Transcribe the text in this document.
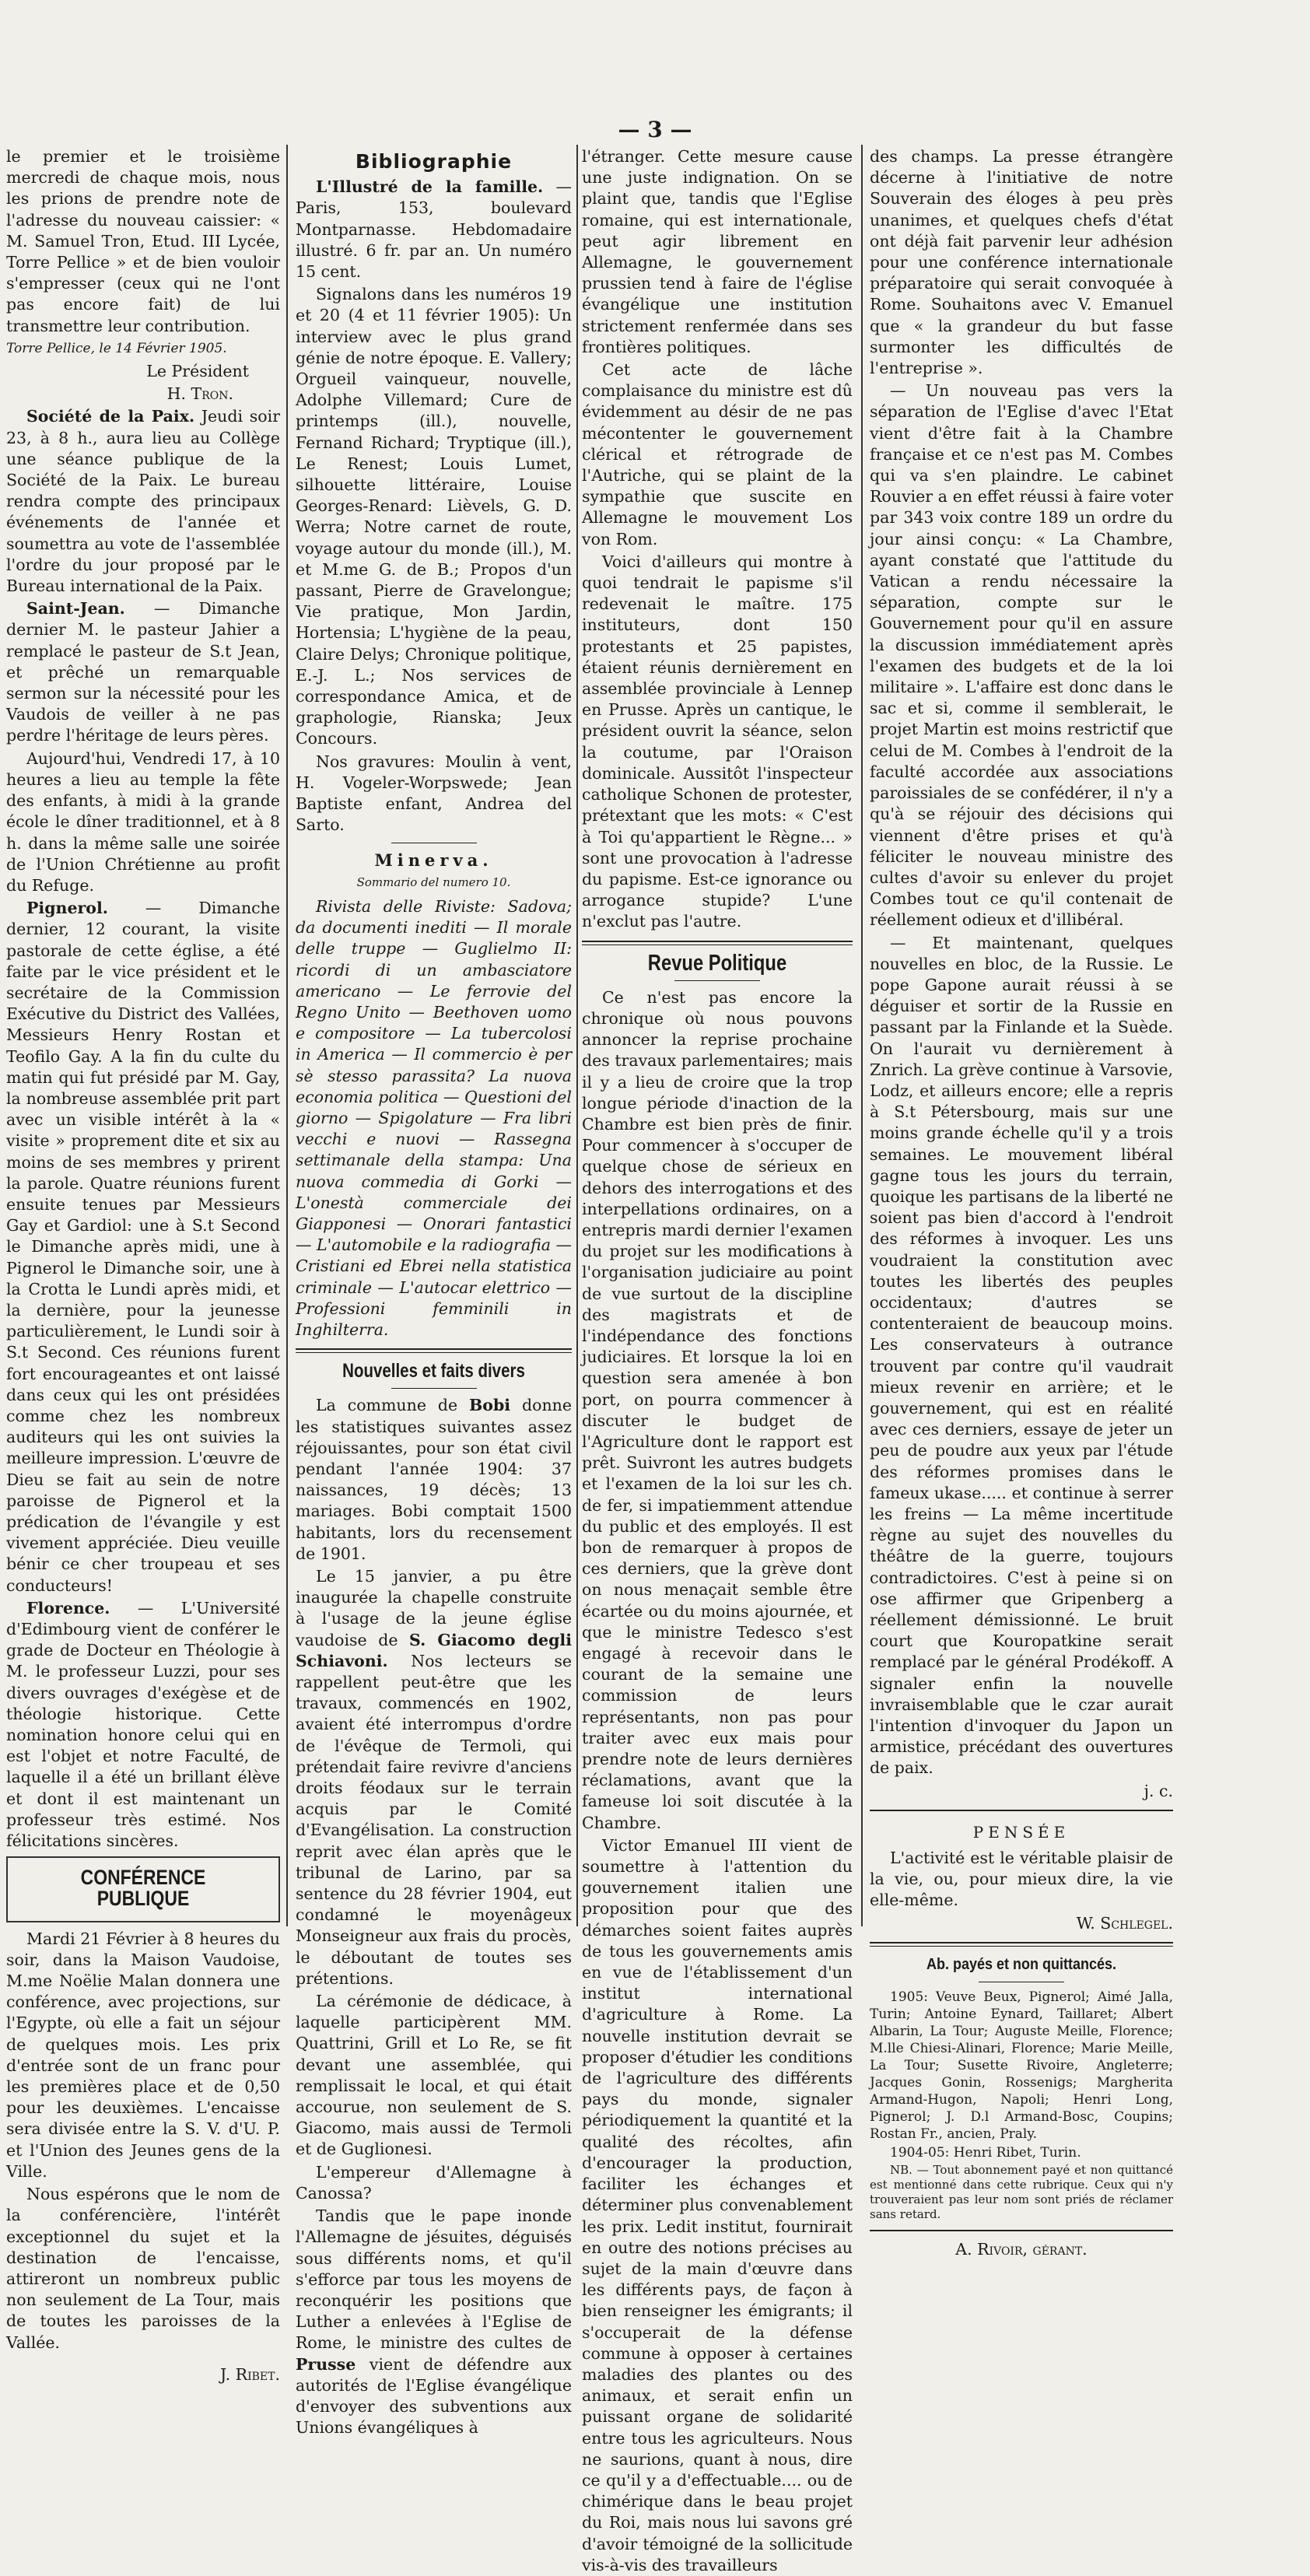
— 3 —

le premier et le troisième mercredi de chaque mois, nous les prions de prendre note de l'adresse du nouveau caissier: « M. Samuel Tron, Etud. III Lycée, Torre Pellice » et de bien vouloir s'empresser (ceux qui ne l'ont pas encore fait) de lui transmettre leur contribution.

Torre Pellice, le 14 Février 1905.

Le Président

H. Tron.

Société de la Paix. Jeudi soir 23, à 8 h., aura lieu au Collège une séance publique de la Société de la Paix. Le bureau rendra compte des principaux événements de l'année et soumettra au vote de l'assemblée l'ordre du jour proposé par le Bureau international de la Paix.

Saint-Jean. — Dimanche dernier M. le pasteur Jahier a remplacé le pasteur de S.t Jean, et prêché un remarquable sermon sur la nécessité pour les Vaudois de veiller à ne pas perdre l'héritage de leurs pères.

Aujourd'hui, Vendredi 17, à 10 heures a lieu au temple la fête des enfants, à midi à la grande école le dîner traditionnel, et à 8 h. dans la même salle une soirée de l'Union Chrétienne au profit du Refuge.

Pignerol. — Dimanche dernier, 12 courant, la visite pastorale de cette église, a été faite par le vice président et le secrétaire de la Commission Exécutive du District des Vallées, Messieurs Henry Rostan et Teofilo Gay. A la fin du culte du matin qui fut présidé par M. Gay, la nombreuse assemblée prit part avec un visible intérêt à la « visite » proprement dite et six au moins de ses membres y prirent la parole. Quatre réunions furent ensuite tenues par Messieurs Gay et Gardiol: une à S.t Second le Dimanche après midi, une à Pignerol le Dimanche soir, une à la Crotta le Lundi après midi, et la dernière, pour la jeunesse particulièrement, le Lundi soir à S.t Second. Ces réunions furent fort encourageantes et ont laissé dans ceux qui les ont présidées comme chez les nombreux auditeurs qui les ont suivies la meilleure impression. L'œuvre de Dieu se fait au sein de notre paroisse de Pignerol et la prédication de l'évangile y est vivement appréciée. Dieu veuille bénir ce cher troupeau et ses conducteurs!

Florence. — L'Université d'Edimbourg vient de conférer le grade de Docteur en Théologie à M. le professeur Luzzi, pour ses divers ouvrages d'exégèse et de théologie historique. Cette nomination honore celui qui en est l'objet et notre Faculté, de laquelle il a été un brillant élève et dont il est maintenant un professeur très estimé. Nos félicitations sincères.

CONFÉRENCE PUBLIQUE

Mardi 21 Février à 8 heures du soir, dans la Maison Vaudoise, M.me Noëlie Malan donnera une conférence, avec projections, sur l'Egypte, où elle a fait un séjour de quelques mois. Les prix d'entrée sont de un franc pour les premières place et de 0,50 pour les deuxièmes. L'encaisse sera divisée entre la S. V. d'U. P. et l'Union des Jeunes gens de la Ville.

Nous espérons que le nom de la conférencière, l'intérêt exceptionnel du sujet et la destination de l'encaisse, attireront un nombreux public non seulement de La Tour, mais de toutes les paroisses de la Vallée.

J. Ribet.

Bibliographie

L'Illustré de la famille. — Paris, 153, boulevard Montparnasse. Hebdomadaire illustré. 6 fr. par an. Un numéro 15 cent.

Signalons dans les numéros 19 et 20 (4 et 11 février 1905): Un interview avec le plus grand génie de notre époque. E. Vallery; Orgueil vainqueur, nouvelle, Adolphe Villemard; Cure de printemps (ill.), nouvelle, Fernand Richard; Tryptique (ill.), Le Renest; Louis Lumet, silhouette littéraire, Louise Georges-Renard: Lièvels, G. D. Werra; Notre carnet de route, voyage autour du monde (ill.), M. et M.me G. de B.; Propos d'un passant, Pierre de Gravelongue; Vie pratique, Mon Jardin, Hortensia; L'hygiène de la peau, Claire Delys; Chronique politique, E.-J. L.; Nos services de correspondance Amica, et de graphologie, Rianska; Jeux Concours.

Nos gravures: Moulin à vent, H. Vogeler-Worpswede; Jean Baptiste enfant, Andrea del Sarto.

Minerva.
Sommario del numero 10.

Rivista delle Riviste: Sadova; da documenti inediti — Il morale delle truppe — Guglielmo II: ricordi di un ambasciatore americano — Le ferrovie del Regno Unito — Beethoven uomo e compositore — La tubercolosi in America — Il commercio è per sè stesso parassita? La nuova economia politica — Questioni del giorno — Spigolature — Fra libri vecchi e nuovi — Rassegna settimanale della stampa: Una nuova commedia di Gorki — L'onestà commerciale dei Giapponesi — Onorari fantastici — L'automobile e la radiografia — Cristiani ed Ebrei nella statistica criminale — L'autocar elettrico — Professioni femminili in Inghilterra.

Nouvelles et faits divers

La commune de Bobi donne les statistiques suivantes assez réjouissantes, pour son état civil pendant l'année 1904: 37 naissances, 19 décès; 13 mariages. Bobi comptait 1500 habitants, lors du recensement de 1901.

Le 15 janvier, a pu être inaugurée la chapelle construite à l'usage de la jeune église vaudoise de S. Giacomo degli Schiavoni. Nos lecteurs se rappellent peut-être que les travaux, commencés en 1902, avaient été interrompus d'ordre de l'évêque de Termoli, qui prétendait faire revivre d'anciens droits féodaux sur le terrain acquis par le Comité d'Evangélisation. La construction reprit avec élan après que le tribunal de Larino, par sa sentence du 28 février 1904, eut condamné le moyenâgeux Monseigneur aux frais du procès, le déboutant de toutes ses prétentions.

La cérémonie de dédicace, à laquelle participèrent MM. Quattrini, Grill et Lo Re, se fit devant une assemblée, qui remplissait le local, et qui était accourue, non seulement de S. Giacomo, mais aussi de Termoli et de Guglionesi.

L'empereur d'Allemagne à Canossa?

Tandis que le pape inonde l'Allemagne de jésuites, déguisés sous différents noms, et qu'il s'efforce par tous les moyens de reconquérir les positions que Luther a enlevées à l'Eglise de Rome, le ministre des cultes de Prusse vient de défendre aux autorités de l'Eglise évangélique d'envoyer des subventions aux Unions évangéliques à

l'étranger. Cette mesure cause une juste indignation. On se plaint que, tandis que l'Eglise romaine, qui est internationale, peut agir librement en Allemagne, le gouvernement prussien tend à faire de l'église évangélique une institution strictement renfermée dans ses frontières politiques.

Cet acte de lâche complaisance du ministre est dû évidemment au désir de ne pas mécontenter le gouvernement clérical et rétrograde de l'Autriche, qui se plaint de la sympathie que suscite en Allemagne le mouvement Los von Rom.

Voici d'ailleurs qui montre à quoi tendrait le papisme s'il redevenait le maître. 175 instituteurs, dont 150 protestants et 25 papistes, étaient réunis dernièrement en assemblée provinciale à Lennep en Prusse. Après un cantique, le président ouvrit la séance, selon la coutume, par l'Oraison dominicale. Aussitôt l'inspecteur catholique Schonen de protester, prétextant que les mots: « C'est à Toi qu'appartient le Règne... » sont une provocation à l'adresse du papisme. Est-ce ignorance ou arrogance stupide? L'une n'exclut pas l'autre.

Revue Politique

Ce n'est pas encore la chronique où nous pouvons annoncer la reprise prochaine des travaux parlementaires; mais il y a lieu de croire que la trop longue période d'inaction de la Chambre est bien près de finir. Pour commencer à s'occuper de quelque chose de sérieux en dehors des interrogations et des interpellations ordinaires, on a entrepris mardi dernier l'examen du projet sur les modifications à l'organisation judiciaire au point de vue surtout de la discipline des magistrats et de l'indépendance des fonctions judiciaires. Et lorsque la loi en question sera amenée à bon port, on pourra commencer à discuter le budget de l'Agriculture dont le rapport est prêt. Suivront les autres budgets et l'examen de la loi sur les ch. de fer, si impatiemment attendue du public et des employés. Il est bon de remarquer à propos de ces derniers, que la grève dont on nous menaçait semble être écartée ou du moins ajournée, et que le ministre Tedesco s'est engagé à recevoir dans le courant de la semaine une commission de leurs représentants, non pas pour traiter avec eux mais pour prendre note de leurs dernières réclamations, avant que la fameuse loi soit discutée à la Chambre.

Victor Emanuel III vient de soumettre à l'attention du gouvernement italien une proposition pour que des démarches soient faites auprès de tous les gouvernements amis en vue de l'établissement d'un institut international d'agriculture à Rome. La nouvelle institution devrait se proposer d'étudier les conditions de l'agriculture des différents pays du monde, signaler périodiquement la quantité et la qualité des récoltes, afin d'encourager la production, faciliter les échanges et déterminer plus convenablement les prix. Ledit institut, fournirait en outre des notions précises au sujet de la main d'œuvre dans les différents pays, de façon à bien renseigner les émigrants; il s'occuperait de la défense commune à opposer à certaines maladies des plantes ou des animaux, et serait enfin un puissant organe de solidarité entre tous les agriculteurs. Nous ne saurions, quant à nous, dire ce qu'il y a d'effectuable.... ou de chimérique dans le beau projet du Roi, mais nous lui savons gré d'avoir témoigné de la sollicitude vis-à-vis des travailleurs

des champs. La presse étrangère décerne à l'initiative de notre Souverain des éloges à peu près unanimes, et quelques chefs d'état ont déjà fait parvenir leur adhésion pour une conférence internationale préparatoire qui serait convoquée à Rome. Souhaitons avec V. Emanuel que « la grandeur du but fasse surmonter les difficultés de l'entreprise ».

— Un nouveau pas vers la séparation de l'Eglise d'avec l'Etat vient d'être fait à la Chambre française et ce n'est pas M. Combes qui va s'en plaindre. Le cabinet Rouvier a en effet réussi à faire voter par 343 voix contre 189 un ordre du jour ainsi conçu: « La Chambre, ayant constaté que l'attitude du Vatican a rendu nécessaire la séparation, compte sur le Gouvernement pour qu'il en assure la discussion immédiatement après l'examen des budgets et de la loi militaire ». L'affaire est donc dans le sac et si, comme il semblerait, le projet Martin est moins restrictif que celui de M. Combes à l'endroit de la faculté accordée aux associations paroissiales de se confédérer, il n'y a qu'à se réjouir des décisions qui viennent d'être prises et qu'à féliciter le nouveau ministre des cultes d'avoir su enlever du projet Combes tout ce qu'il contenait de réellement odieux et d'illibéral.

— Et maintenant, quelques nouvelles en bloc, de la Russie. Le pope Gapone aurait réussi à se déguiser et sortir de la Russie en passant par la Finlande et la Suède. On l'aurait vu dernièrement à Znrich. La grève continue à Varsovie, Lodz, et ailleurs encore; elle a repris à S.t Pétersbourg, mais sur une moins grande échelle qu'il y a trois semaines. Le mouvement libéral gagne tous les jours du terrain, quoique les partisans de la liberté ne soient pas bien d'accord à l'endroit des réformes à invoquer. Les uns voudraient la constitution avec toutes les libertés des peuples occidentaux; d'autres se contenteraient de beaucoup moins. Les conservateurs à outrance trouvent par contre qu'il vaudrait mieux revenir en arrière; et le gouvernement, qui est en réalité avec ces derniers, essaye de jeter un peu de poudre aux yeux par l'étude des réformes promises dans le fameux ukase..... et continue à serrer les freins — La même incertitude règne au sujet des nouvelles du théâtre de la guerre, toujours contradictoires. C'est à peine si on ose affirmer que Gripenberg a réellement démissionné. Le bruit court que Kouropatkine serait remplacé par le général Prodékoff. A signaler enfin la nouvelle invraisemblable que le czar aurait l'intention d'invoquer du Japon un armistice, précédant des ouvertures de paix.

j. c.

PENSÉE

L'activité est le véritable plaisir de la vie, ou, pour mieux dire, la vie elle-même.

W. Schlegel.

Ab. payés et non quittancés.

1905: Veuve Beux, Pignerol; Aimé Jalla, Turin; Antoine Eynard, Taillaret; Albert Albarin, La Tour; Auguste Meille, Florence; M.lle Chiesi-Alinari, Florence; Marie Meille, La Tour; Susette Rivoire, Angleterre; Jacques Gonin, Rossenigs; Margherita Armand-Hugon, Napoli; Henri Long, Pignerol; J. D.l Armand-Bosc, Coupins; Rostan Fr., ancien, Praly.

1904-05: Henri Ribet, Turin.

NB. — Tout abonnement payé et non quittancé est mentionné dans cette rubrique. Ceux qui n'y trouveraient pas leur nom sont priés de réclamer sans retard.

A. Rivoir, gérant.
